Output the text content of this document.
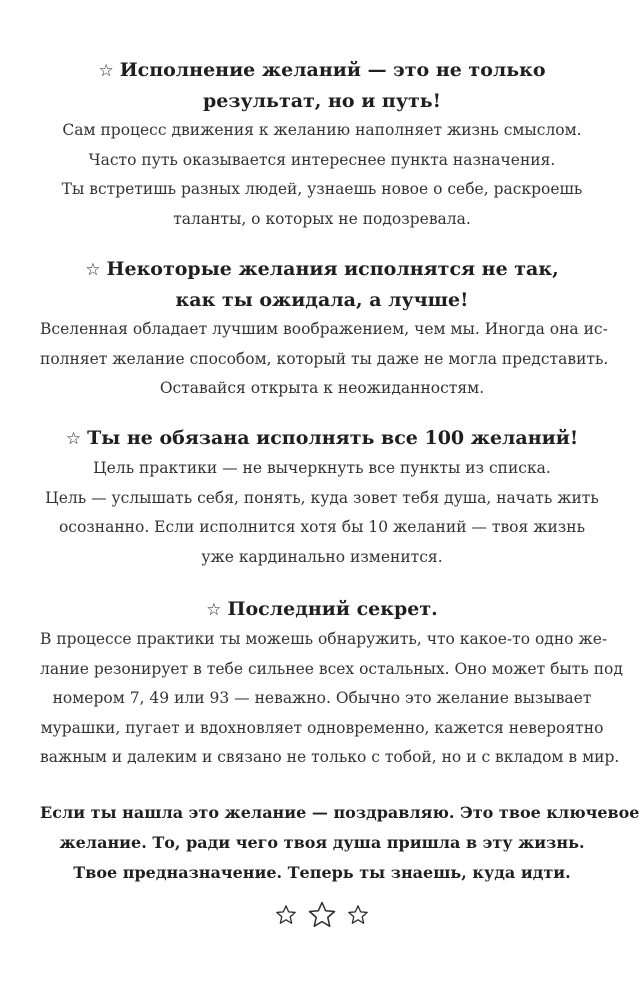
☆ Исполнение желаний — это не только
результат, но и путь!
Сам процесс движения к желанию наполняет жизнь смыслом.
Часто путь оказывается интереснее пункта назначения.
Ты встретишь разных людей, узнаешь новое о себе, раскроешь
таланты, о которых не подозревала.
☆ Некоторые желания исполнятся не так,
как ты ожидала, а лучше!
Вселенная обладает лучшим воображением, чем мы. Иногда она ис-
полняет желание способом, который ты даже не могла представить.
Оставайся открыта к неожиданностям.
☆ Ты не обязана исполнять все 100 желаний!
Цель практики — не вычеркнуть все пункты из списка.
Цель — услышать себя, понять, куда зовет тебя душа, начать жить
осознанно. Если исполнится хотя бы 10 желаний — твоя жизнь
уже кардинально изменится.
☆ Последний секрет.
В процессе практики ты можешь обнаружить, что какое-то одно же-
лание резонирует в тебе сильнее всех остальных. Оно может быть под
номером 7, 49 или 93 — неважно. Обычно это желание вызывает
мурашки, пугает и вдохновляет одновременно, кажется невероятно
важным и далеким и связано не только с тобой, но и с вкладом в мир.
Если ты нашла это желание — поздравляю. Это твое ключевое
желание. То, ради чего твоя душа пришла в эту жизнь.
Твое предназначение. Теперь ты знаешь, куда идти.
